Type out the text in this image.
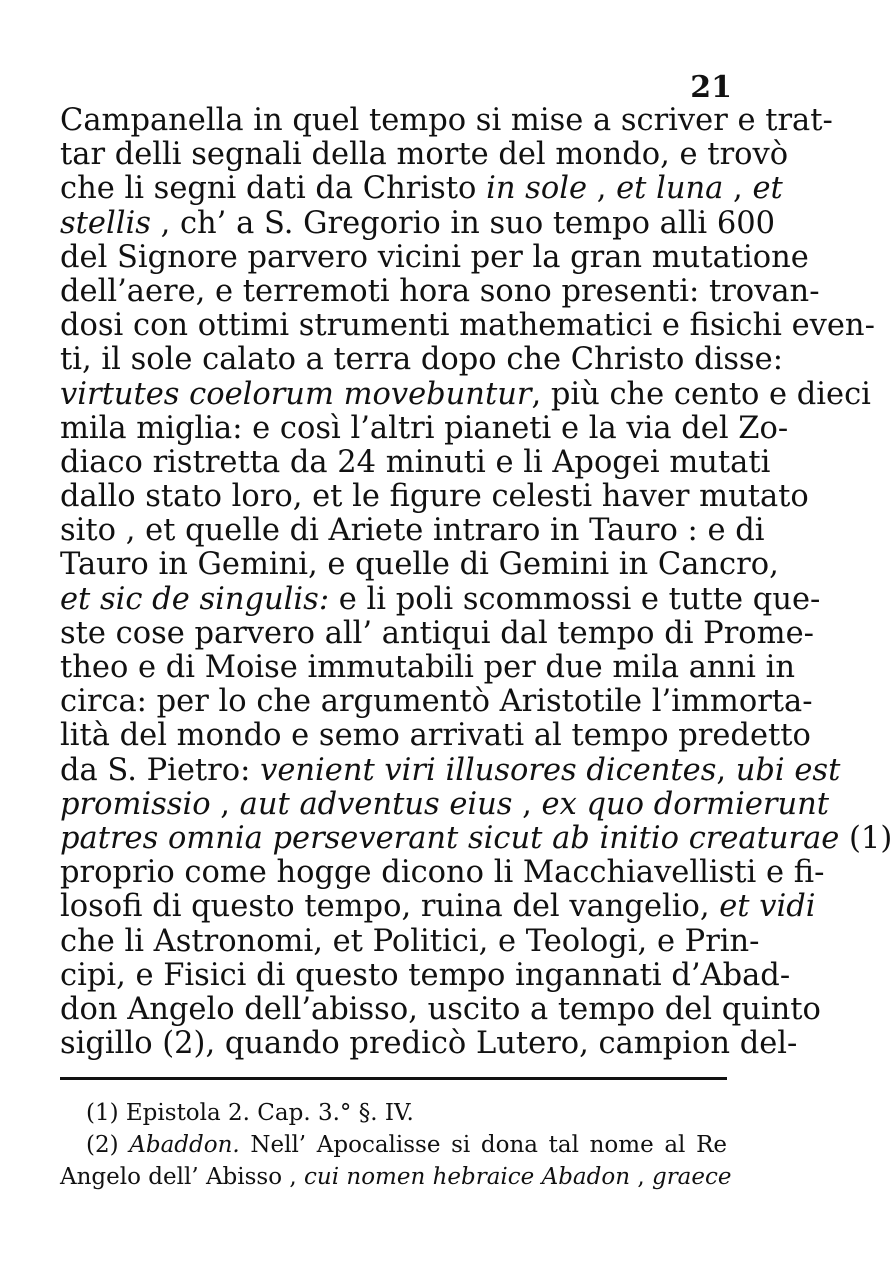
21
Campanella in quel tempo si mise a scriver e trat-
tar delli segnali della morte del mondo, e trovò
che li segni dati da Christo in sole , et luna , et
stellis , ch’ a S. Gregorio in suo tempo alli 600
del Signore parvero vicini per la gran mutatione
dell’aere, e terremoti hora sono presenti: trovan-
dosi con ottimi strumenti mathematici e fisichi even-
ti, il sole calato a terra dopo che Christo disse:
virtutes coelorum movebuntur, più che cento e dieci
mila miglia: e così l’altri pianeti e la via del Zo-
diaco ristretta da 24 minuti e li Apogei mutati
dallo stato loro, et le figure celesti haver mutato
sito , et quelle di Ariete intraro in Tauro : e di
Tauro in Gemini, e quelle di Gemini in Cancro,
et sic de singulis: e li poli scommossi e tutte que-
ste cose parvero all’ antiqui dal tempo di Prome-
theo e di Moise immutabili per due mila anni in
circa: per lo che argumentò Aristotile l’immorta-
lità del mondo e semo arrivati al tempo predetto
da S. Pietro: venient viri illusores dicentes, ubi est
promissio , aut adventus eius , ex quo dormierunt
patres omnia perseverant sicut ab initio creaturae (1)
proprio come hogge dicono li Macchiavellisti e fi-
losofi di questo tempo, ruina del vangelio, et vidi
che li Astronomi, et Politici, e Teologi, e Prin-
cipi, e Fisici di questo tempo ingannati d’Abad-
don Angelo dell’abisso, uscito a tempo del quinto
sigillo (2), quando predicò Lutero, campion del-
(1) Epistola 2. Cap. 3.° §. IV.
(2) Abaddon. Nell’ Apocalisse si dona tal nome al Re
Angelo dell’ Abisso , cui nomen hebraice Abadon , graece
